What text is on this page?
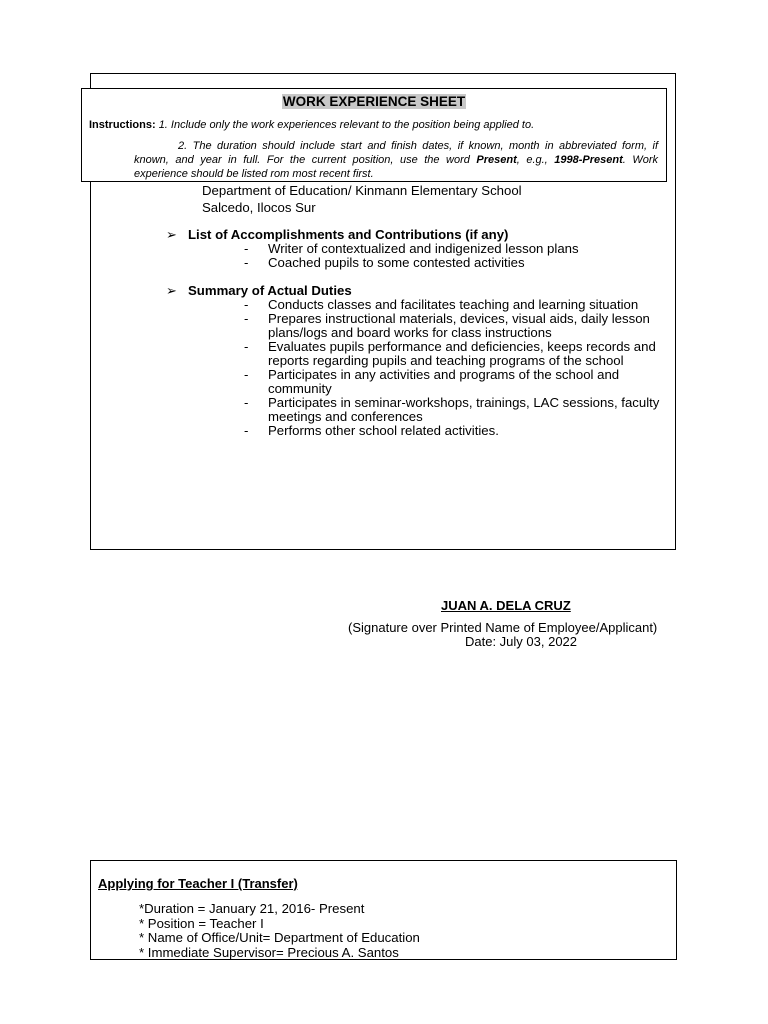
Department of Education/ Kinmann Elementary School
Salcedo, Ilocos Sur
➢ List of Accomplishments and Contributions (if any)
- Writer of contextualized and indigenized lesson plans
- Coached pupils to some contested activities
➢ Summary of Actual Duties
- Conducts classes and facilitates teaching and learning situation
- Prepares instructional materials, devices, visual aids, daily lesson plans/logs and board works for class instructions
- Evaluates pupils performance and deficiencies, keeps records and reports regarding pupils and teaching programs of the school
- Participates in any activities and programs of the school and community
- Participates in seminar-workshops, trainings, LAC sessions, faculty meetings and conferences
- Performs other school related activities.
WORK EXPERIENCE SHEET
Instructions: 1. Include only the work experiences relevant to the position being applied to.
2. The duration should include start and finish dates, if known, month in abbreviated form, if known, and year in full. For the current position, use the word Present, e.g., 1998-Present. Work experience should be listed rom most recent first.
JUAN A. DELA CRUZ
(Signature over Printed Name of Employee/Applicant)
Date: July 03, 2022
Applying for Teacher I (Transfer)
*Duration = January 21, 2016- Present
* Position = Teacher I
* Name of Office/Unit= Department of Education
* Immediate Supervisor= Precious A. Santos
